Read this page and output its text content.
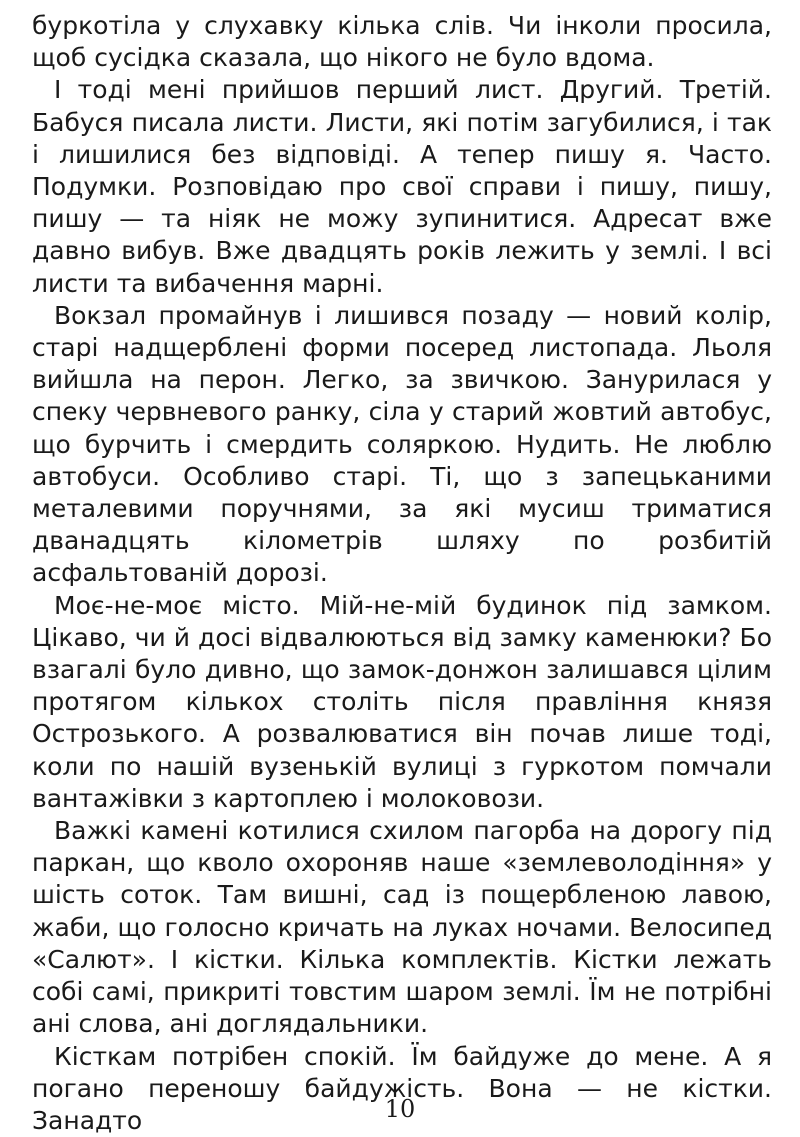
буркотіла у слухавку кілька слів. Чи інколи просила, щоб сусідка сказала, що нікого не було вдома.

І тоді мені прийшов перший лист. Другий. Третій. Бабуся писала листи. Листи, які потім загубилися, і так і лишилися без відповіді. А тепер пишу я. Часто. Подумки. Розповідаю про свої справи і пишу, пишу, пишу — та ніяк не можу зупинитися. Адресат вже давно вибув. Вже двадцять років лежить у землі. І всі листи та вибачення марні.

Вокзал промайнув і лишився позаду — новий колір, старі надщерблені форми посеред листопада. Льоля вийшла на перон. Легко, за звичкою. Занурилася у спеку червневого ранку, сіла у старий жовтий автобус, що бурчить і смердить соляркою. Нудить. Не люблю автобуси. Особливо старі. Ті, що з запецьканими металевими поручнями, за які мусиш триматися дванадцять кілометрів шляху по розбитій асфальтованій дорозі.

Моє-не-моє місто. Мій-не-мій будинок під замком. Цікаво, чи й досі відвалюються від замку каменюки? Бо взагалі було дивно, що замок-донжон залишався цілим протягом кількох століть після правління князя Острозького. А розвалюватися він почав лише тоді, коли по нашій вузенькій вулиці з гуркотом помчали вантажівки з картоплею і молоковози.

Важкі камені котилися схилом пагорба на дорогу під паркан, що кволо охороняв наше «землеволодіння» у шість соток. Там вишні, сад із пощербленою лавою, жаби, що голосно кричать на луках ночами. Велосипед «Салют». І кістки. Кілька комплектів. Кістки лежать собі самі, прикриті товстим шаром землі. Їм не потрібні ані слова, ані доглядальники.

Кісткам потрібен спокій. Їм байдуже до мене. А я погано переношу байдужість. Вона — не кістки. Занадто	10
